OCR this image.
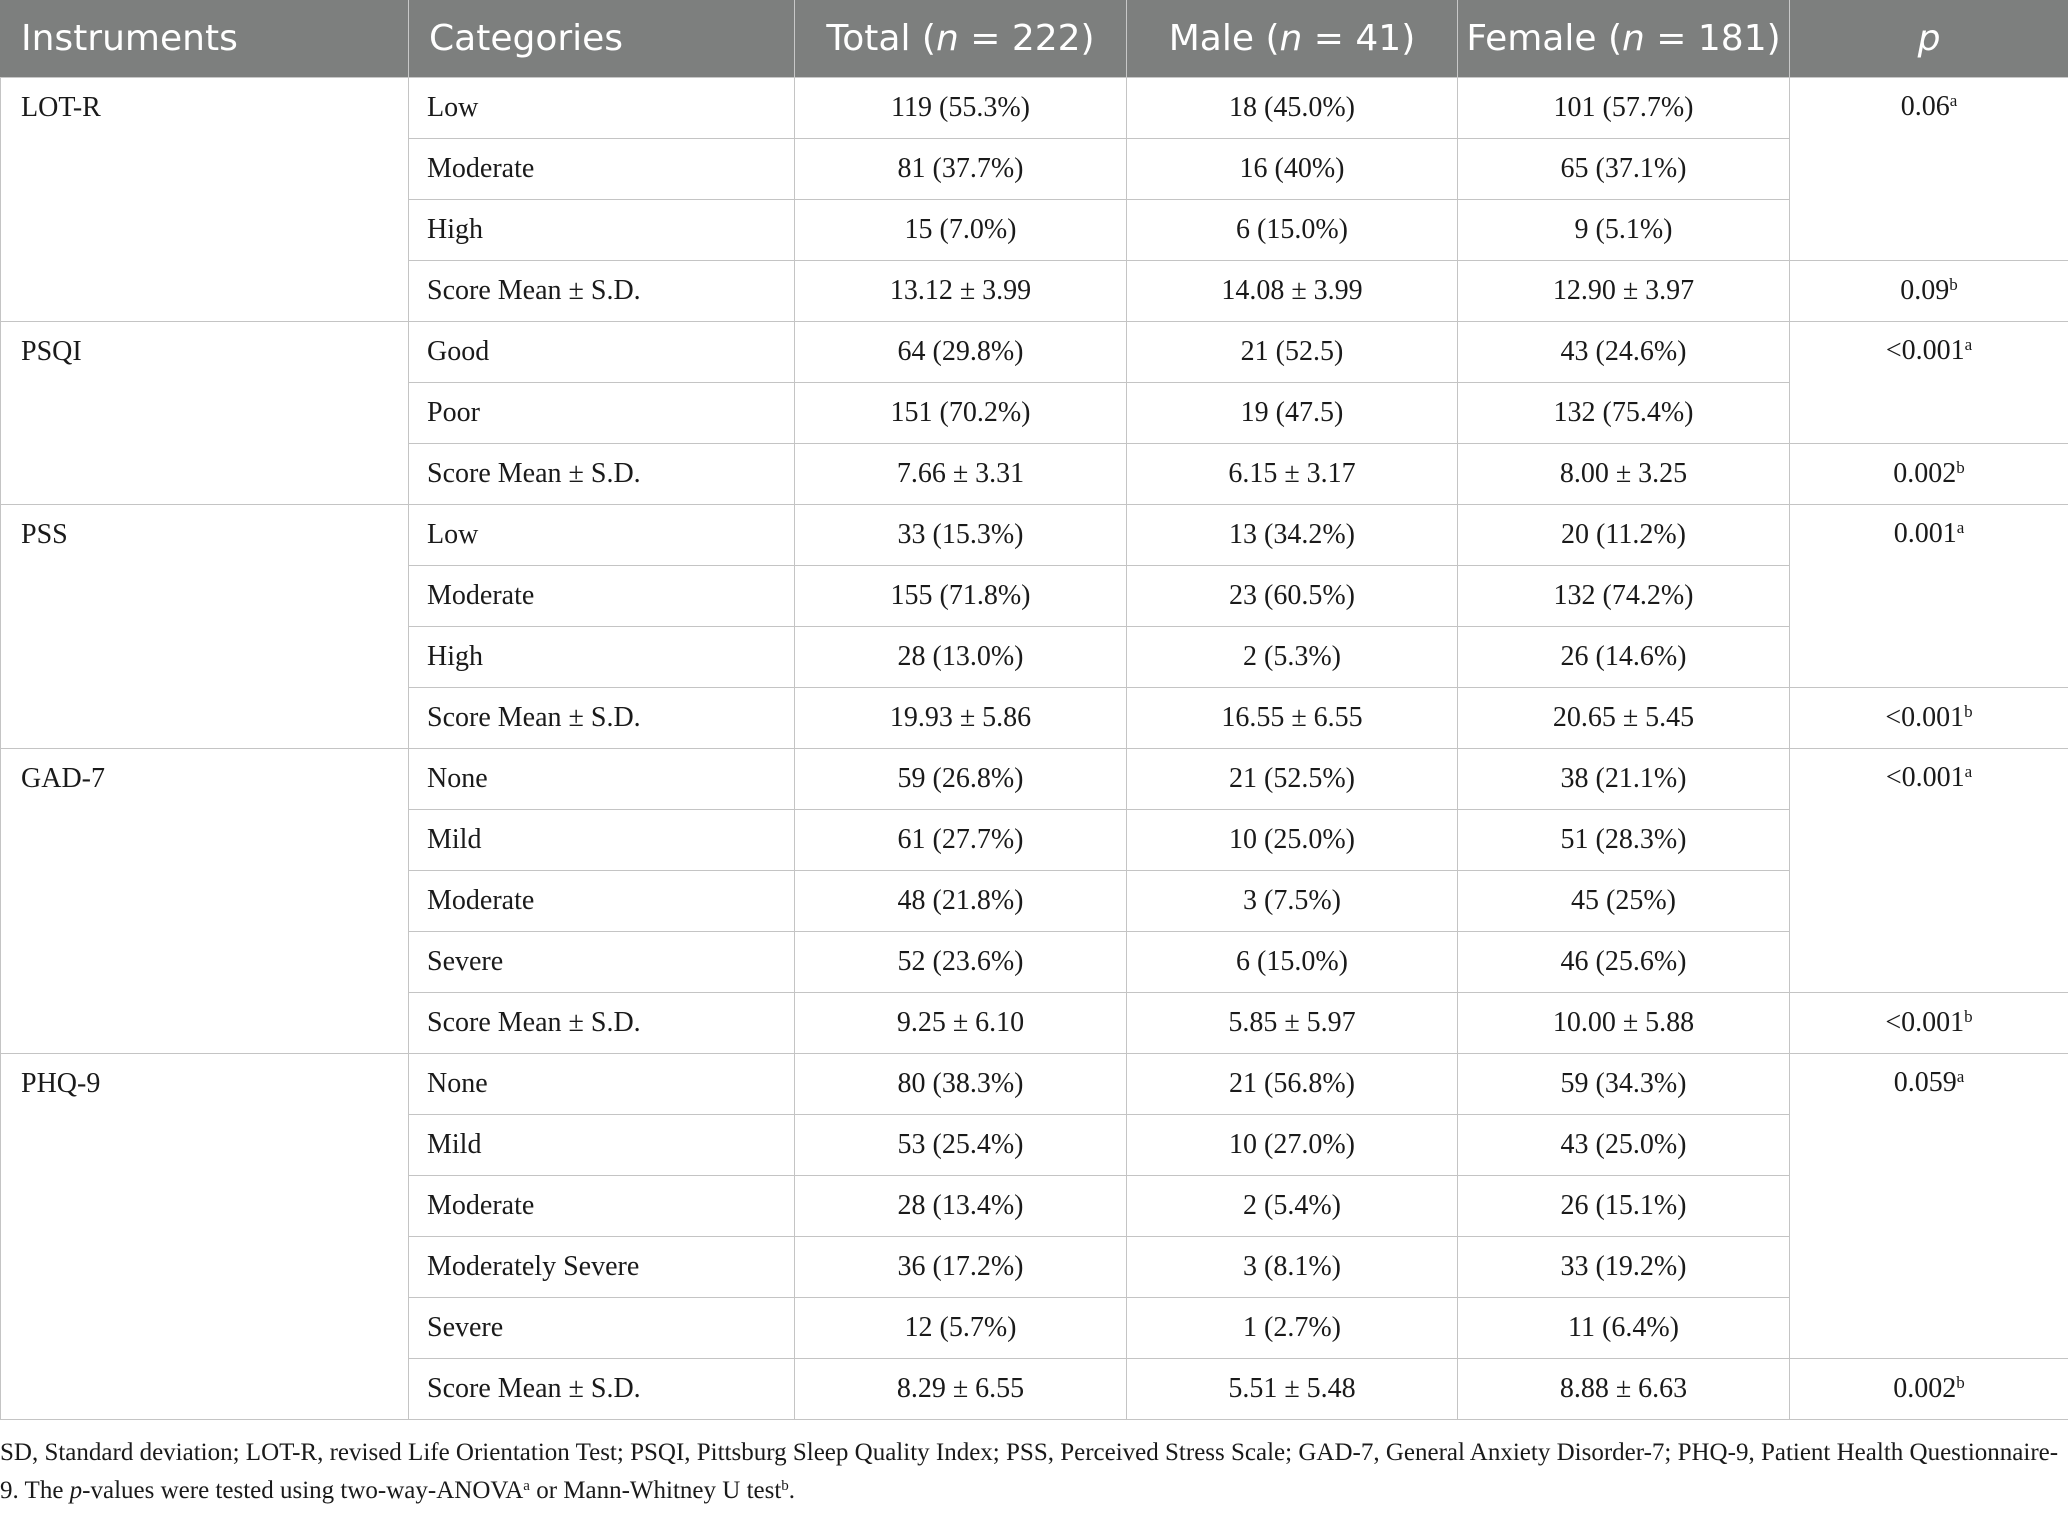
Instruments	Categories	Total (n = 222)	Male (n = 41)	Female (n = 181)	p
LOT-R	Low	119 (55.3%)	18 (45.0%)	101 (57.7%)	0.06$^a$
	Moderate	81 (37.7%)	16 (40%)	65 (37.1%)	
	High	15 (7.0%)	6 (15.0%)	9 (5.1%)	
	Score Mean ± S.D.	13.12 ± 3.99	14.08 ± 3.99	12.90 ± 3.97	0.09$^b$
PSQI	Good	64 (29.8%)	21 (52.5)	43 (24.6%)	<0.001$^a$
	Poor	151 (70.2%)	19 (47.5)	132 (75.4%)	
	Score Mean ± S.D.	7.66 ± 3.31	6.15 ± 3.17	8.00 ± 3.25	0.002$^b$
PSS	Low	33 (15.3%)	13 (34.2%)	20 (11.2%)	0.001$^a$
	Moderate	155 (71.8%)	23 (60.5%)	132 (74.2%)	
	High	28 (13.0%)	2 (5.3%)	26 (14.6%)	
	Score Mean ± S.D.	19.93 ± 5.86	16.55 ± 6.55	20.65 ± 5.45	<0.001$^b$
GAD-7	None	59 (26.8%)	21 (52.5%)	38 (21.1%)	<0.001$^a$
	Mild	61 (27.7%)	10 (25.0%)	51 (28.3%)	
	Moderate	48 (21.8%)	3 (7.5%)	45 (25%)	
	Severe	52 (23.6%)	6 (15.0%)	46 (25.6%)	
	Score Mean ± S.D.	9.25 ± 6.10	5.85 ± 5.97	10.00 ± 5.88	<0.001$^b$
PHQ-9	None	80 (38.3%)	21 (56.8%)	59 (34.3%)	0.059$^a$
	Mild	53 (25.4%)	10 (27.0%)	43 (25.0%)	
	Moderate	28 (13.4%)	2 (5.4%)	26 (15.1%)	
	Moderately Severe	36 (17.2%)	3 (8.1%)	33 (19.2%)	
	Severe	12 (5.7%)	1 (2.7%)	11 (6.4%)	
	Score Mean ± S.D.	8.29 ± 6.55	5.51 ± 5.48	8.88 ± 6.63	0.002$^b$
SD, Standard deviation; LOT-R, revised Life Orientation Test; PSQI, Pittsburg Sleep Quality Index; PSS, Perceived Stress Scale; GAD-7, General Anxiety Disorder-7; PHQ-9, Patient Health Questionnaire-9. The p-values were tested using two-way-ANOVA$^a$ or Mann-Whitney U test$^b$.
